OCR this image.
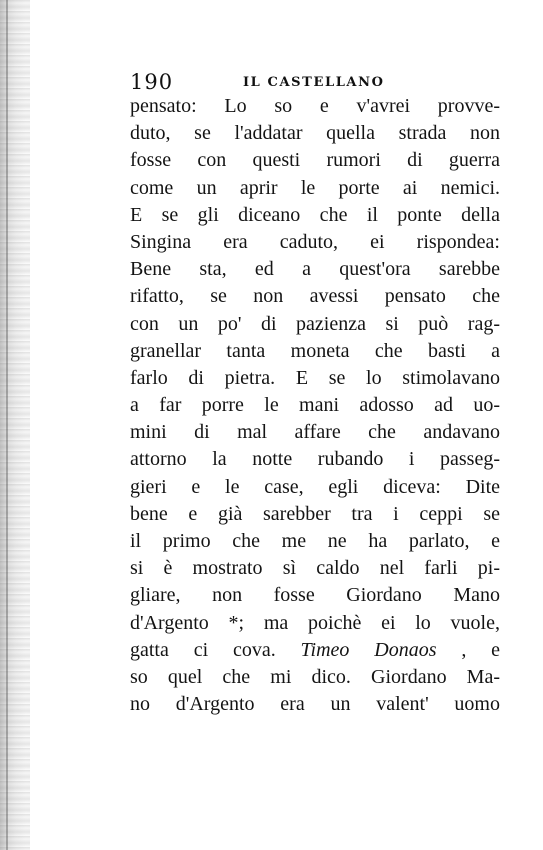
190	IL CASTELLANO
pensato: Lo so e v'avrei provve-
duto, se l'addatar quella strada non
fosse con questi rumori di guerra
come un aprir le porte ai nemici.
E se gli diceano che il ponte della
Singina era caduto, ei rispondea:
Bene sta, ed a quest'ora sarebbe
rifatto, se non avessi pensato che
con un po' di pazienza si può rag-
granellar tanta moneta che basti a
farlo di pietra. E se lo stimolavano
a far porre le mani adosso ad uo-
mini di mal affare che andavano
attorno la notte rubando i passeg-
gieri e le case, egli diceva: Dite
bene e già sarebber tra i ceppi se
il primo che me ne ha parlato, e
si è mostrato sì caldo nel farli pi-
gliare, non fosse Giordano Mano
d'Argento *; ma poichè ei lo vuole,
gatta ci cova. Timeo Donaos , e
so quel che mi dico. Giordano Ma-
no d'Argento era un valent' uomo
